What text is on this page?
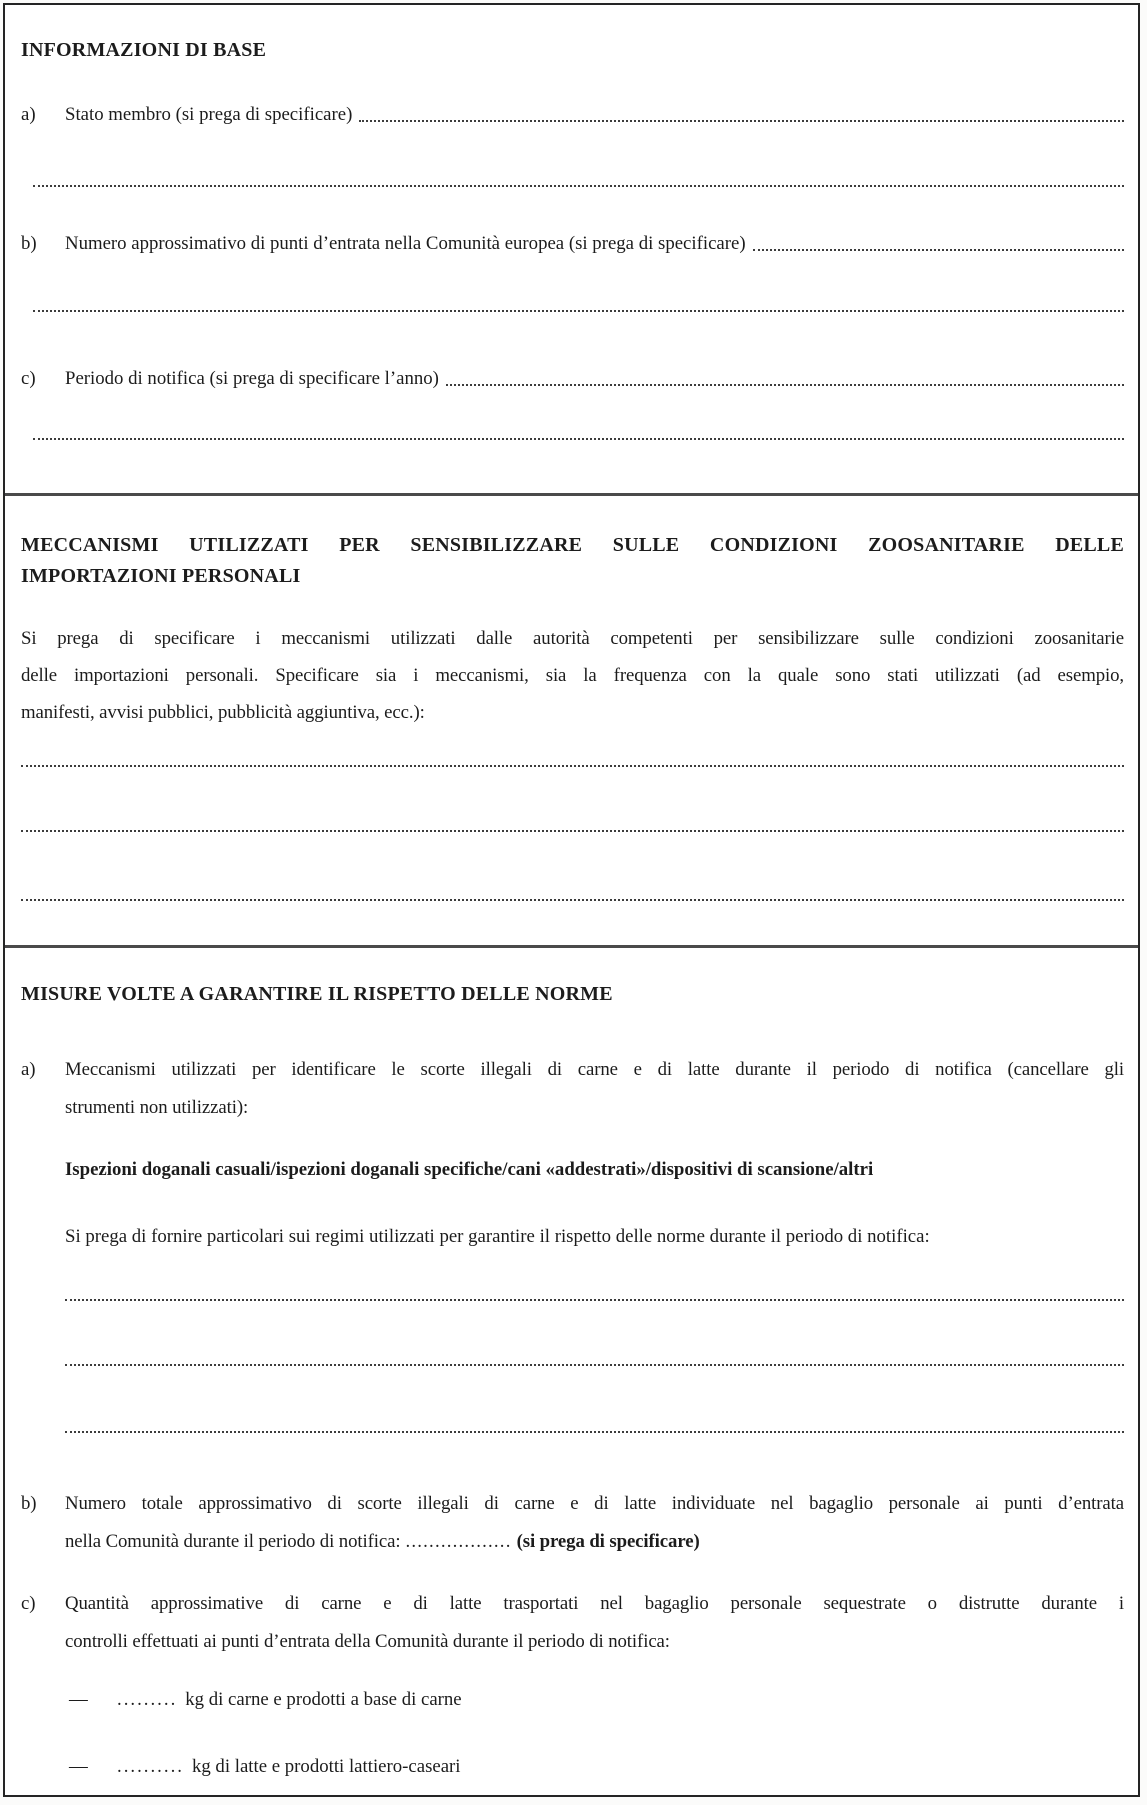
INFORMAZIONI DI BASE
a)	Stato membro (si prega di specificare)
b)	Numero approssimativo di punti d’entrata nella Comunità europea (si prega di specificare)
c)	Periodo di notifica (si prega di specificare l’anno)
MECCANISMI UTILIZZATI PER SENSIBILIZZARE SULLE CONDIZIONI ZOOSANITARIE DELLE
IMPORTAZIONI PERSONALI
Si prega di specificare i meccanismi utilizzati dalle autorità competenti per sensibilizzare sulle condizioni zoosanitarie
delle importazioni personali. Specificare sia i meccanismi, sia la frequenza con la quale sono stati utilizzati (ad esempio,
manifesti, avvisi pubblici, pubblicità aggiuntiva, ecc.):
MISURE VOLTE A GARANTIRE IL RISPETTO DELLE NORME
a) Meccanismi utilizzati per identificare le scorte illegali di carne e di latte durante il periodo di notifica (cancellare gli
strumenti non utilizzati):
Ispezioni doganali casuali/ispezioni doganali specifiche/cani «addestrati»/dispositivi di scansione/altri
Si prega di fornire particolari sui regimi utilizzati per garantire il rispetto delle norme durante il periodo di notifica:
b) Numero totale approssimativo di scorte illegali di carne e di latte individuate nel bagaglio personale ai punti d’entrata
nella Comunità durante il periodo di notifica: .................. (si prega di specificare)
c) Quantità approssimative di carne e di latte trasportati nel bagaglio personale sequestrate o distrutte durante i
controlli effettuati ai punti d’entrata della Comunità durante il periodo di notifica:
— ......... kg di carne e prodotti a base di carne
— .......... kg di latte e prodotti lattiero-caseari
